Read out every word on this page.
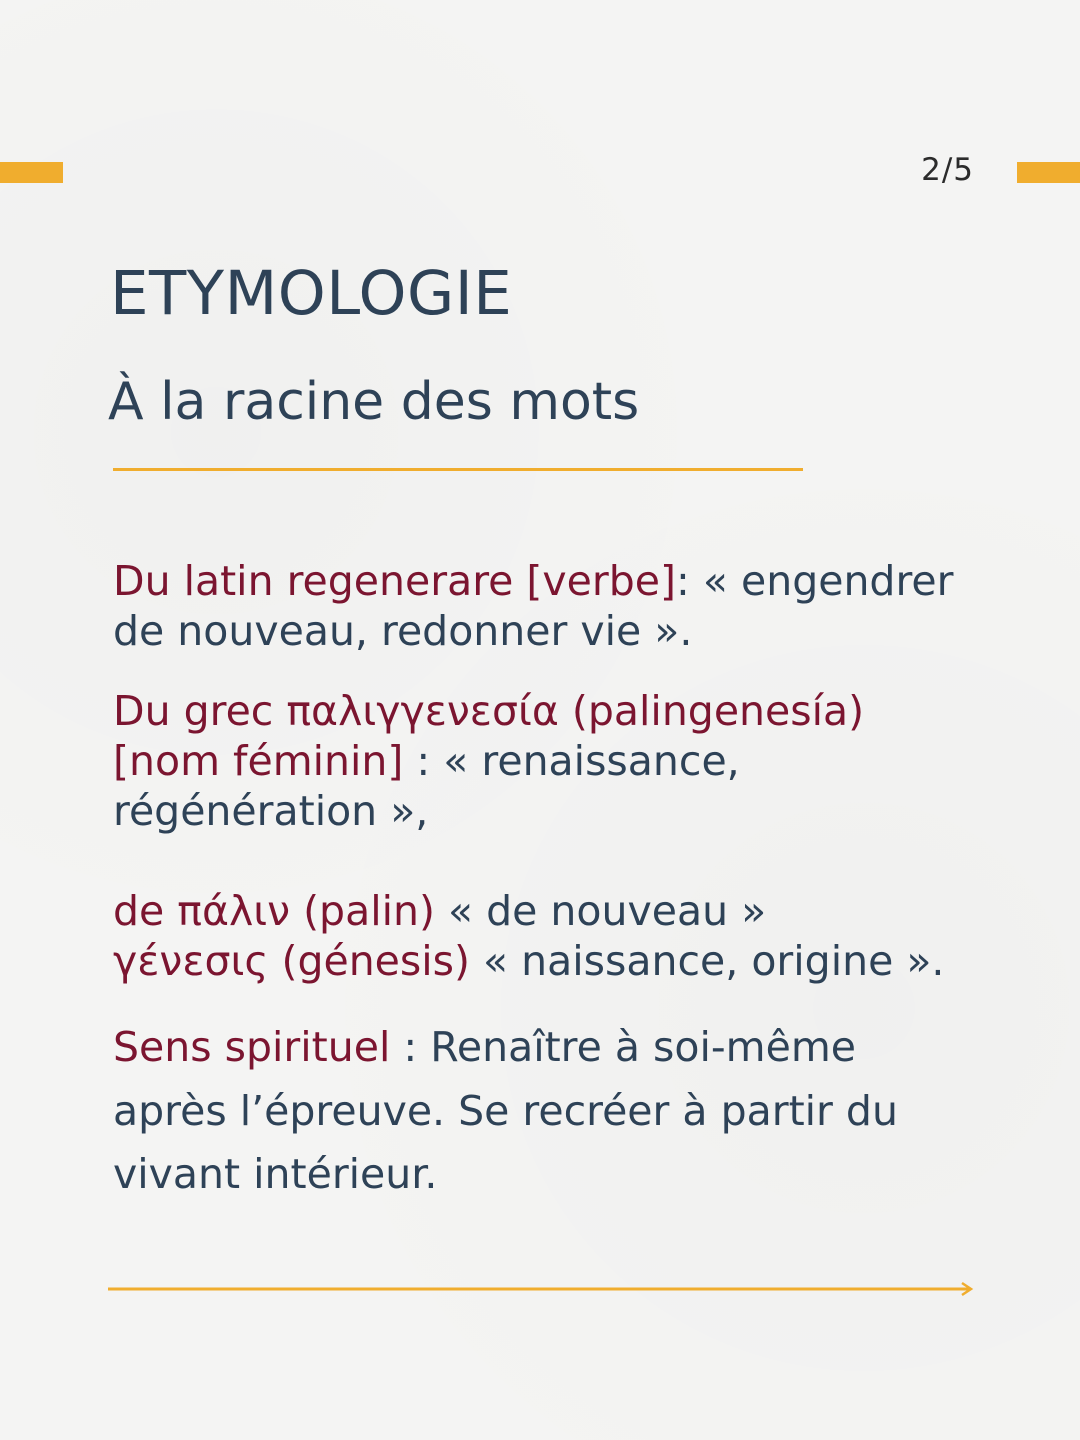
2/5
ETYMOLOGIE
À la racine des mots

Du latin regenerare [verbe]: « engendrer de nouveau, redonner vie ».

Du grec παλιγγενεσία (palingenesía) [nom féminin] : « renaissance, régénération »,

de πάλιν (palin) « de nouveau »
γένεσις (génesis) « naissance, origine ».

Sens spirituel : Renaître à soi-même après l’épreuve. Se recréer à partir du vivant intérieur.
